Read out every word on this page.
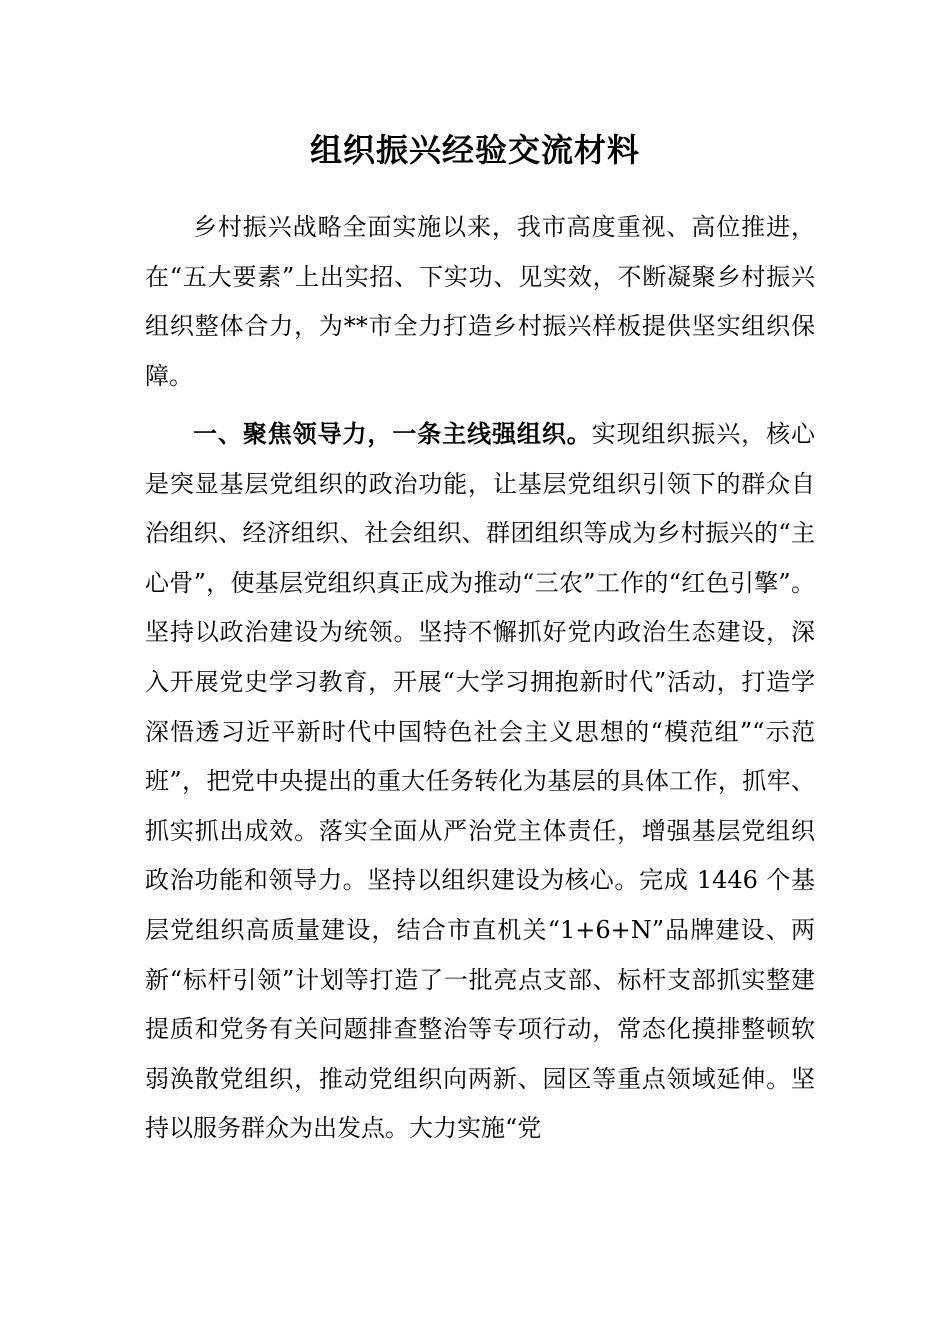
组织振兴经验交流材料

乡村振兴战略全面实施以来，我市高度重视、高位推进，在“五大要素”上出实招、下实功、见实效，不断凝聚乡村振兴组织整体合力，为**市全力打造乡村振兴样板提供坚实组织保障。

一、聚焦领导力，一条主线强组织。实现组织振兴，核心是突显基层党组织的政治功能，让基层党组织引领下的群众自治组织、经济组织、社会组织、群团组织等成为乡村振兴的“主心骨”，使基层党组织真正成为推动“三农”工作的“红色引擎”。坚持以政治建设为统领。坚持不懈抓好党内政治生态建设，深入开展党史学习教育，开展“大学习拥抱新时代”活动，打造学深悟透习近平新时代中国特色社会主义思想的“模范组”“示范班”，把党中央提出的重大任务转化为基层的具体工作，抓牢、抓实抓出成效。落实全面从严治党主体责任，增强基层党组织政治功能和领导力。坚持以组织建设为核心。完成 1446 个基层党组织高质量建设，结合市直机关“1+6+N”品牌建设、两新“标杆引领”计划等打造了一批亮点支部、标杆支部抓实整建提质和党务有关问题排查整治等专项行动，常态化摸排整顿软弱涣散党组织，推动党组织向两新、园区等重点领域延伸。坚持以服务群众为出发点。大力实施“党
